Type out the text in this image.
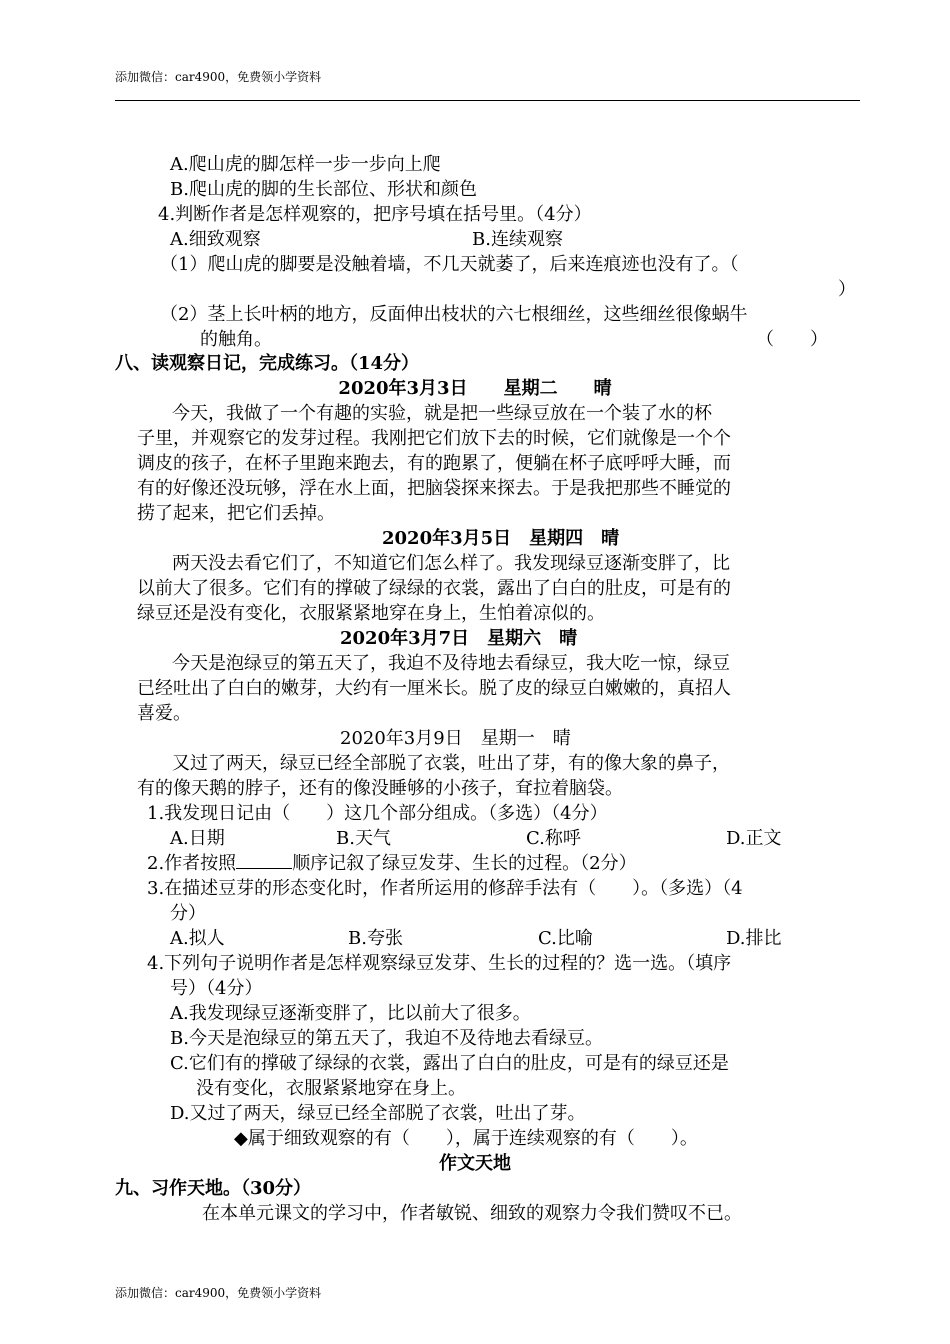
添加微信：car4900，免费领小学资料
A.爬山虎的脚怎样一步一步向上爬
B.爬山虎的脚的生长部位、形状和颜色
4.判断作者是怎样观察的，把序号填在括号里。（4分）
A.细致观察	B.连续观察
（1）爬山虎的脚要是没触着墙，不几天就萎了，后来连痕迹也没有了。（
）
（2）茎上长叶柄的地方，反面伸出枝状的六七根细丝，这些细丝很像蜗牛
的触角。	（　　）
八、读观察日记，完成练习。（14分）
2020年3月3日　　星期二　　晴
今天，我做了一个有趣的实验，就是把一些绿豆放在一个装了水的杯
子里，并观察它的发芽过程。我刚把它们放下去的时候，它们就像是一个个
调皮的孩子，在杯子里跑来跑去，有的跑累了，便躺在杯子底呼呼大睡，而
有的好像还没玩够，浮在水上面，把脑袋探来探去。于是我把那些不睡觉的
捞了起来，把它们丢掉。
2020年3月5日　星期四　晴
两天没去看它们了，不知道它们怎么样了。我发现绿豆逐渐变胖了，比
以前大了很多。它们有的撑破了绿绿的衣裳，露出了白白的肚皮，可是有的
绿豆还是没有变化，衣服紧紧地穿在身上，生怕着凉似的。
2020年3月7日　星期六　晴
今天是泡绿豆的第五天了，我迫不及待地去看绿豆，我大吃一惊，绿豆
已经吐出了白白的嫩芽，大约有一厘米长。脱了皮的绿豆白嫩嫩的，真招人
喜爱。
2020年3月9日　星期一　晴
又过了两天，绿豆已经全部脱了衣裳，吐出了芽，有的像大象的鼻子，
有的像天鹅的脖子，还有的像没睡够的小孩子，耷拉着脑袋。
1.我发现日记由（　　）这几个部分组成。（多选）（4分）
A.日期	B.天气	C.称呼	D.正文
2.作者按照	顺序记叙了绿豆发芽、生长的过程。（2分）
3.在描述豆芽的形态变化时，作者所运用的修辞手法有（　　）。（多选）（4
分）
A.拟人	B.夸张	C.比喻	D.排比
4.下列句子说明作者是怎样观察绿豆发芽、生长的过程的？选一选。（填序
号）（4分）
A.我发现绿豆逐渐变胖了，比以前大了很多。
B.今天是泡绿豆的第五天了，我迫不及待地去看绿豆。
C.它们有的撑破了绿绿的衣裳，露出了白白的肚皮，可是有的绿豆还是
没有变化，衣服紧紧地穿在身上。
D.又过了两天，绿豆已经全部脱了衣裳，吐出了芽。
◆属于细致观察的有（　　），属于连续观察的有（　　）。
作文天地
九、习作天地。（30分）
在本单元课文的学习中，作者敏锐、细致的观察力令我们赞叹不已。
添加微信：car4900，免费领小学资料
